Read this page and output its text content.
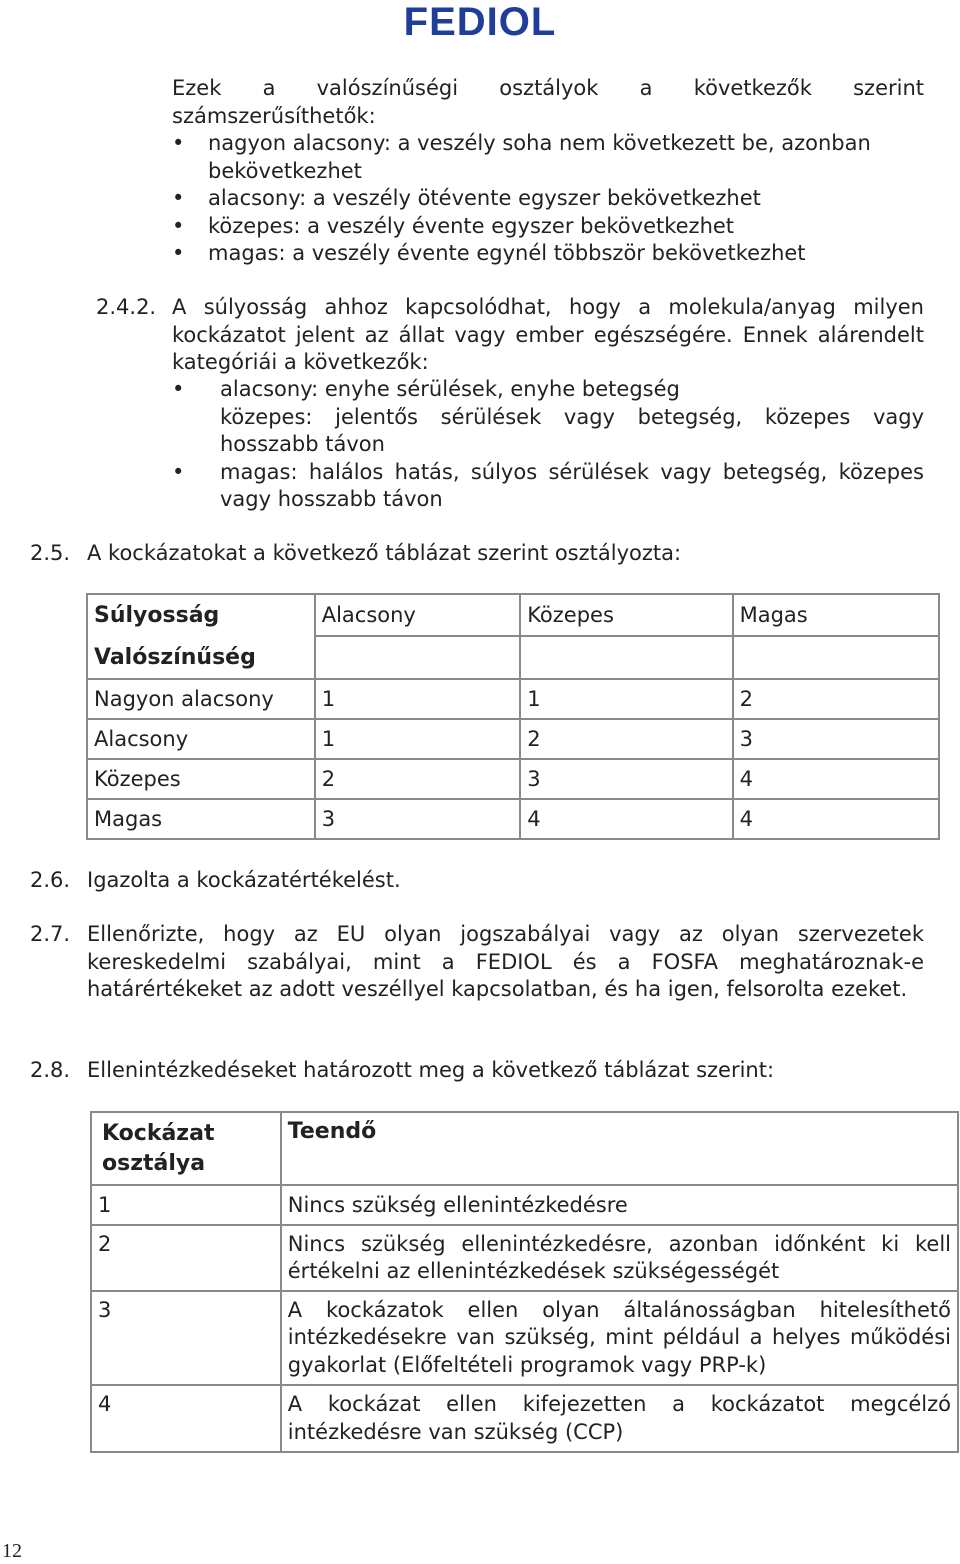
FEDIOL
Ezek a valószínűségi osztályok a következők szerint számszerűsíthetők:
• nagyon alacsony: a veszély soha nem következett be, azonban bekövetkezhet
• alacsony: a veszély ötévente egyszer bekövetkezhet
• közepes: a veszély évente egyszer bekövetkezhet
• magas: a veszély évente egynél többször bekövetkezhet
2.4.2. A súlyosság ahhoz kapcsolódhat, hogy a molekula/anyag milyen kockázatot jelent az állat vagy ember egészségére. Ennek alárendelt kategóriái a következők:
• alacsony: enyhe sérülések, enyhe betegség
közepes: jelentős sérülések vagy betegség, közepes vagy hosszabb távon
• magas: halálos hatás, súlyos sérülések vagy betegség, közepes vagy hosszabb távon
2.5. A kockázatokat a következő táblázat szerint osztályozta:
Súlyosság	Alacsony	Közepes	Magas
Valószínűség			
Nagyon alacsony	1	1	2
Alacsony	1	2	3
Közepes	2	3	4
Magas	3	4	4
2.6. Igazolta a kockázatértékelést.
2.7. Ellenőrizte, hogy az EU olyan jogszabályai vagy az olyan szervezetek kereskedelmi szabályai, mint a FEDIOL és a FOSFA meghatároznak-e határértékeket az adott veszéllyel kapcsolatban, és ha igen, felsorolta ezeket.
2.8. Ellenintézkedéseket határozott meg a következő táblázat szerint:
Kockázat osztálya	Teendő
1	Nincs szükség ellenintézkedésre
2	Nincs szükség ellenintézkedésre, azonban időnként ki kell értékelni az ellenintézkedések szükségességét
3	A kockázatok ellen olyan általánosságban hitelesíthető intézkedésekre van szükség, mint például a helyes működési gyakorlat (Előfeltételi programok vagy PRP-k)
4	A kockázat ellen kifejezetten a kockázatot megcélzó intézkedésre van szükség (CCP)
12
